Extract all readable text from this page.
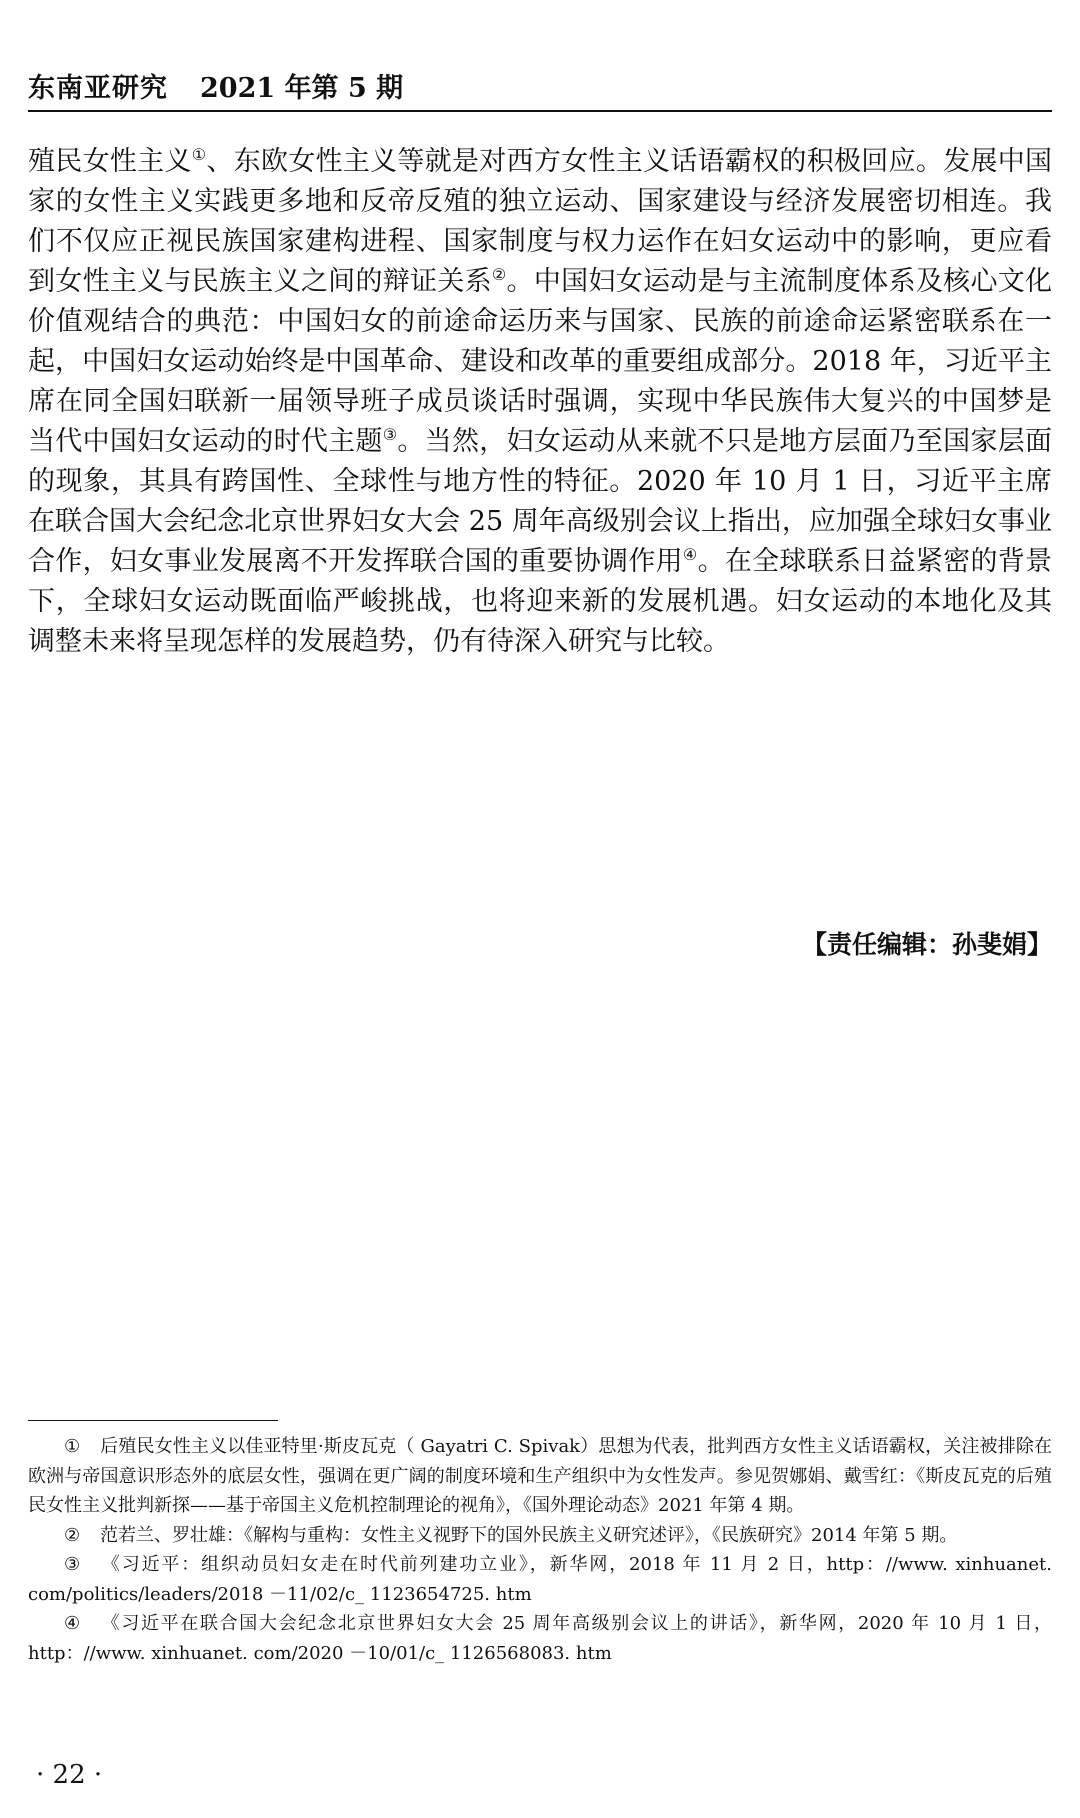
东南亚研究 2021 年第 5 期

殖民女性主义①、东欧女性主义等就是对西方女性主义话语霸权的积极回应。发展中国家的女性主义实践更多地和反帝反殖的独立运动、国家建设与经济发展密切相连。我们不仅应正视民族国家建构进程、国家制度与权力运作在妇女运动中的影响，更应看到女性主义与民族主义之间的辩证关系②。中国妇女运动是与主流制度体系及核心文化价值观结合的典范：中国妇女的前途命运历来与国家、民族的前途命运紧密联系在一起，中国妇女运动始终是中国革命、建设和改革的重要组成部分。2018 年，习近平主席在同全国妇联新一届领导班子成员谈话时强调，实现中华民族伟大复兴的中国梦是当代中国妇女运动的时代主题③。当然，妇女运动从来就不只是地方层面乃至国家层面的现象，其具有跨国性、全球性与地方性的特征。2020 年 10 月 1 日，习近平主席在联合国大会纪念北京世界妇女大会 25 周年高级别会议上指出，应加强全球妇女事业合作，妇女事业发展离不开发挥联合国的重要协调作用④。在全球联系日益紧密的背景下，全球妇女运动既面临严峻挑战，也将迎来新的发展机遇。妇女运动的本地化及其调整未来将呈现怎样的发展趋势，仍有待深入研究与比较。

【责任编辑：孙斐娟】

① 后殖民女性主义以佳亚特里·斯皮瓦克（ Gayatri C. Spivak）思想为代表，批判西方女性主义话语霸权，关注被排除在欧洲与帝国意识形态外的底层女性，强调在更广阔的制度环境和生产组织中为女性发声。参见贺娜娟、戴雪红：《斯皮瓦克的后殖民女性主义批判新探——基于帝国主义危机控制理论的视角》，《国外理论动态》2021 年第 4 期。

② 范若兰、罗壮雄：《解构与重构：女性主义视野下的国外民族主义研究述评》，《民族研究》2014 年第 5 期。

③ 《习近平：组织动员妇女走在时代前列建功立业》，新华网，2018 年 11 月 2 日，http：//www. xinhuanet. com/politics/leaders/2018 －11/02/c_ 1123654725. htm

④ 《习近平在联合国大会纪念北京世界妇女大会 25 周年高级别会议上的讲话》，新华网，2020 年 10 月 1 日，http：//www. xinhuanet. com/2020 －10/01/c_ 1126568083. htm

· 22 ·
